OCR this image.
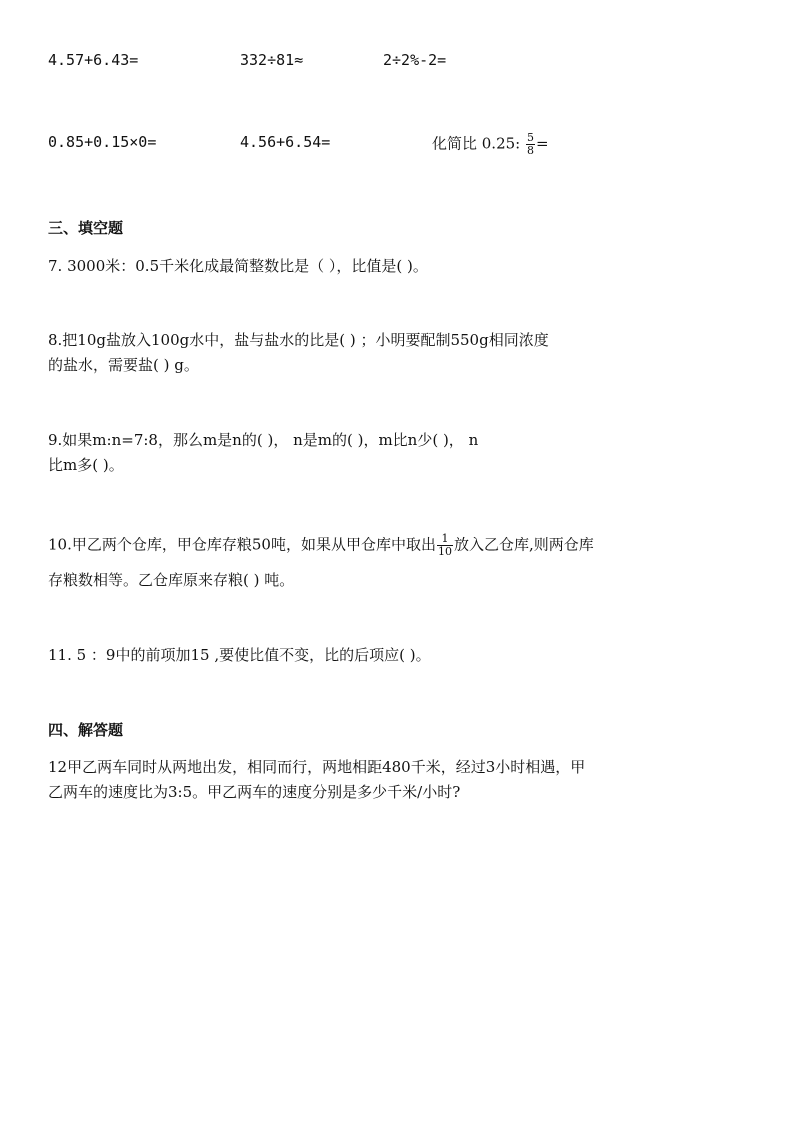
4.57+6.43=	332÷81≈	2÷2%-2=
0.85+0.15×0=	4.56+6.54=	化简比 0.25: $\frac{5}{8}$ =
三、填空题
7. 3000米：0.5千米化成最简整数比是（ ），比值是( )。
8.把10g盐放入100g水中，盐与盐水的比是( ) ；小明要配制550g相同浓度
的盐水，需要盐( ) g。
9.如果m:n=7:8，那么m是n的( )， n是m的( )，m比n少( )， n
比m多( )。
10.甲乙两个仓库，甲仓库存粮50吨，如果从甲仓库中取出 $\frac{1}{10}$ 放入乙仓库,则两仓库
存粮数相等。乙仓库原来存粮( ) 吨。
11. 5 ：9中的前项加15 ,要使比值不变，比的后项应( )。
四、解答题
12甲乙两车同时从两地出发，相同而行，两地相距480千米，经过3小时相遇，甲
乙两车的速度比为3:5。甲乙两车的速度分别是多少千米/小时?
